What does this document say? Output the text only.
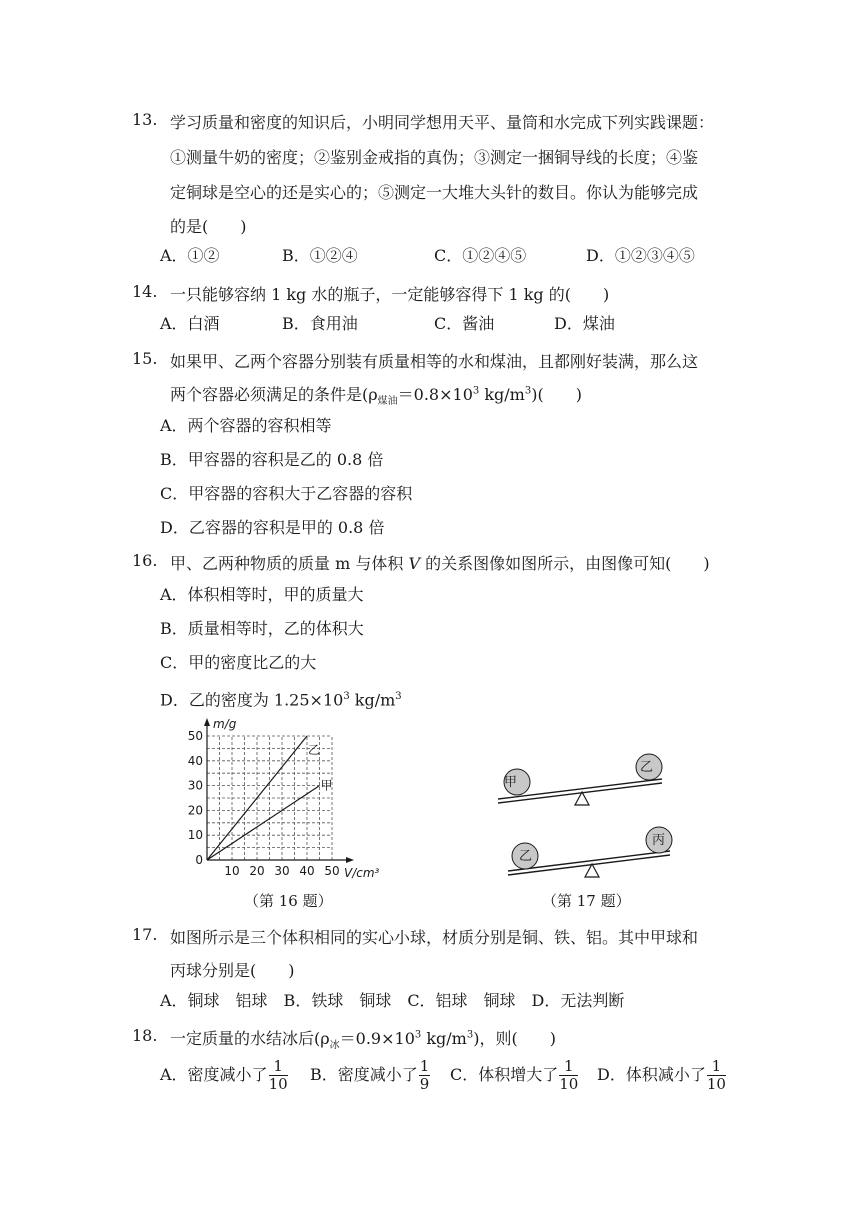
13. 学习质量和密度的知识后，小明同学想用天平、量筒和水完成下列实践课题：
①测量牛奶的密度；②鉴别金戒指的真伪；③测定一捆铜导线的长度；④鉴
定铜球是空心的还是实心的；⑤测定一大堆大头针的数目。你认为能够完成
的是(　　)
A．①②	B．①②④	C．①②④⑤	D．①②③④⑤
14. 一只能够容纳 1 kg 水的瓶子，一定能够容得下 1 kg 的(　　)
A．白酒	B．食用油	C．酱油	D．煤油
15. 如果甲、乙两个容器分别装有质量相等的水和煤油，且都刚好装满，那么这
两个容器必须满足的条件是($\rho_{煤油}=0.8\times 10^3$ $kg/m^3$)(　　)
A．两个容器的容积相等
B．甲容器的容积是乙的 0.8 倍
C．甲容器的容积大于乙容器的容积
D．乙容器的容积是甲的 0.8 倍
16. 甲、乙两种物质的质量 m 与体积 V 的关系图像如图所示，由图像可知(　　)
A．体积相等时，甲的质量大
B．质量相等时，乙的体积大
C．甲的密度比乙的大
D．乙的密度为 $1.25\times 10^3$ $kg/m^3$
10 20 30 40 50
10
20
30
40
50
0
V/cm³
m/g
乙
甲
（第 16 题）
甲
乙
乙
丙
（第 17 题）
17. 如图所示是三个体积相同的实心小球，材质分别是铜、铁、铝。其中甲球和
丙球分别是(　　)
A．铜球　铝球　B．铁球　铜球　C．铝球　铜球　D．无法判断
18. 一定质量的水结冰后($\rho_冰=0.9\times 10^3$ $kg/m^3$)，则(　　)
A．密度减小了 $\frac{1}{10}$ B．密度减小了 $\frac{1}{9}$ C．体积增大了 $\frac{1}{10}$ D．体积减小了 $\frac{1}{10}$
